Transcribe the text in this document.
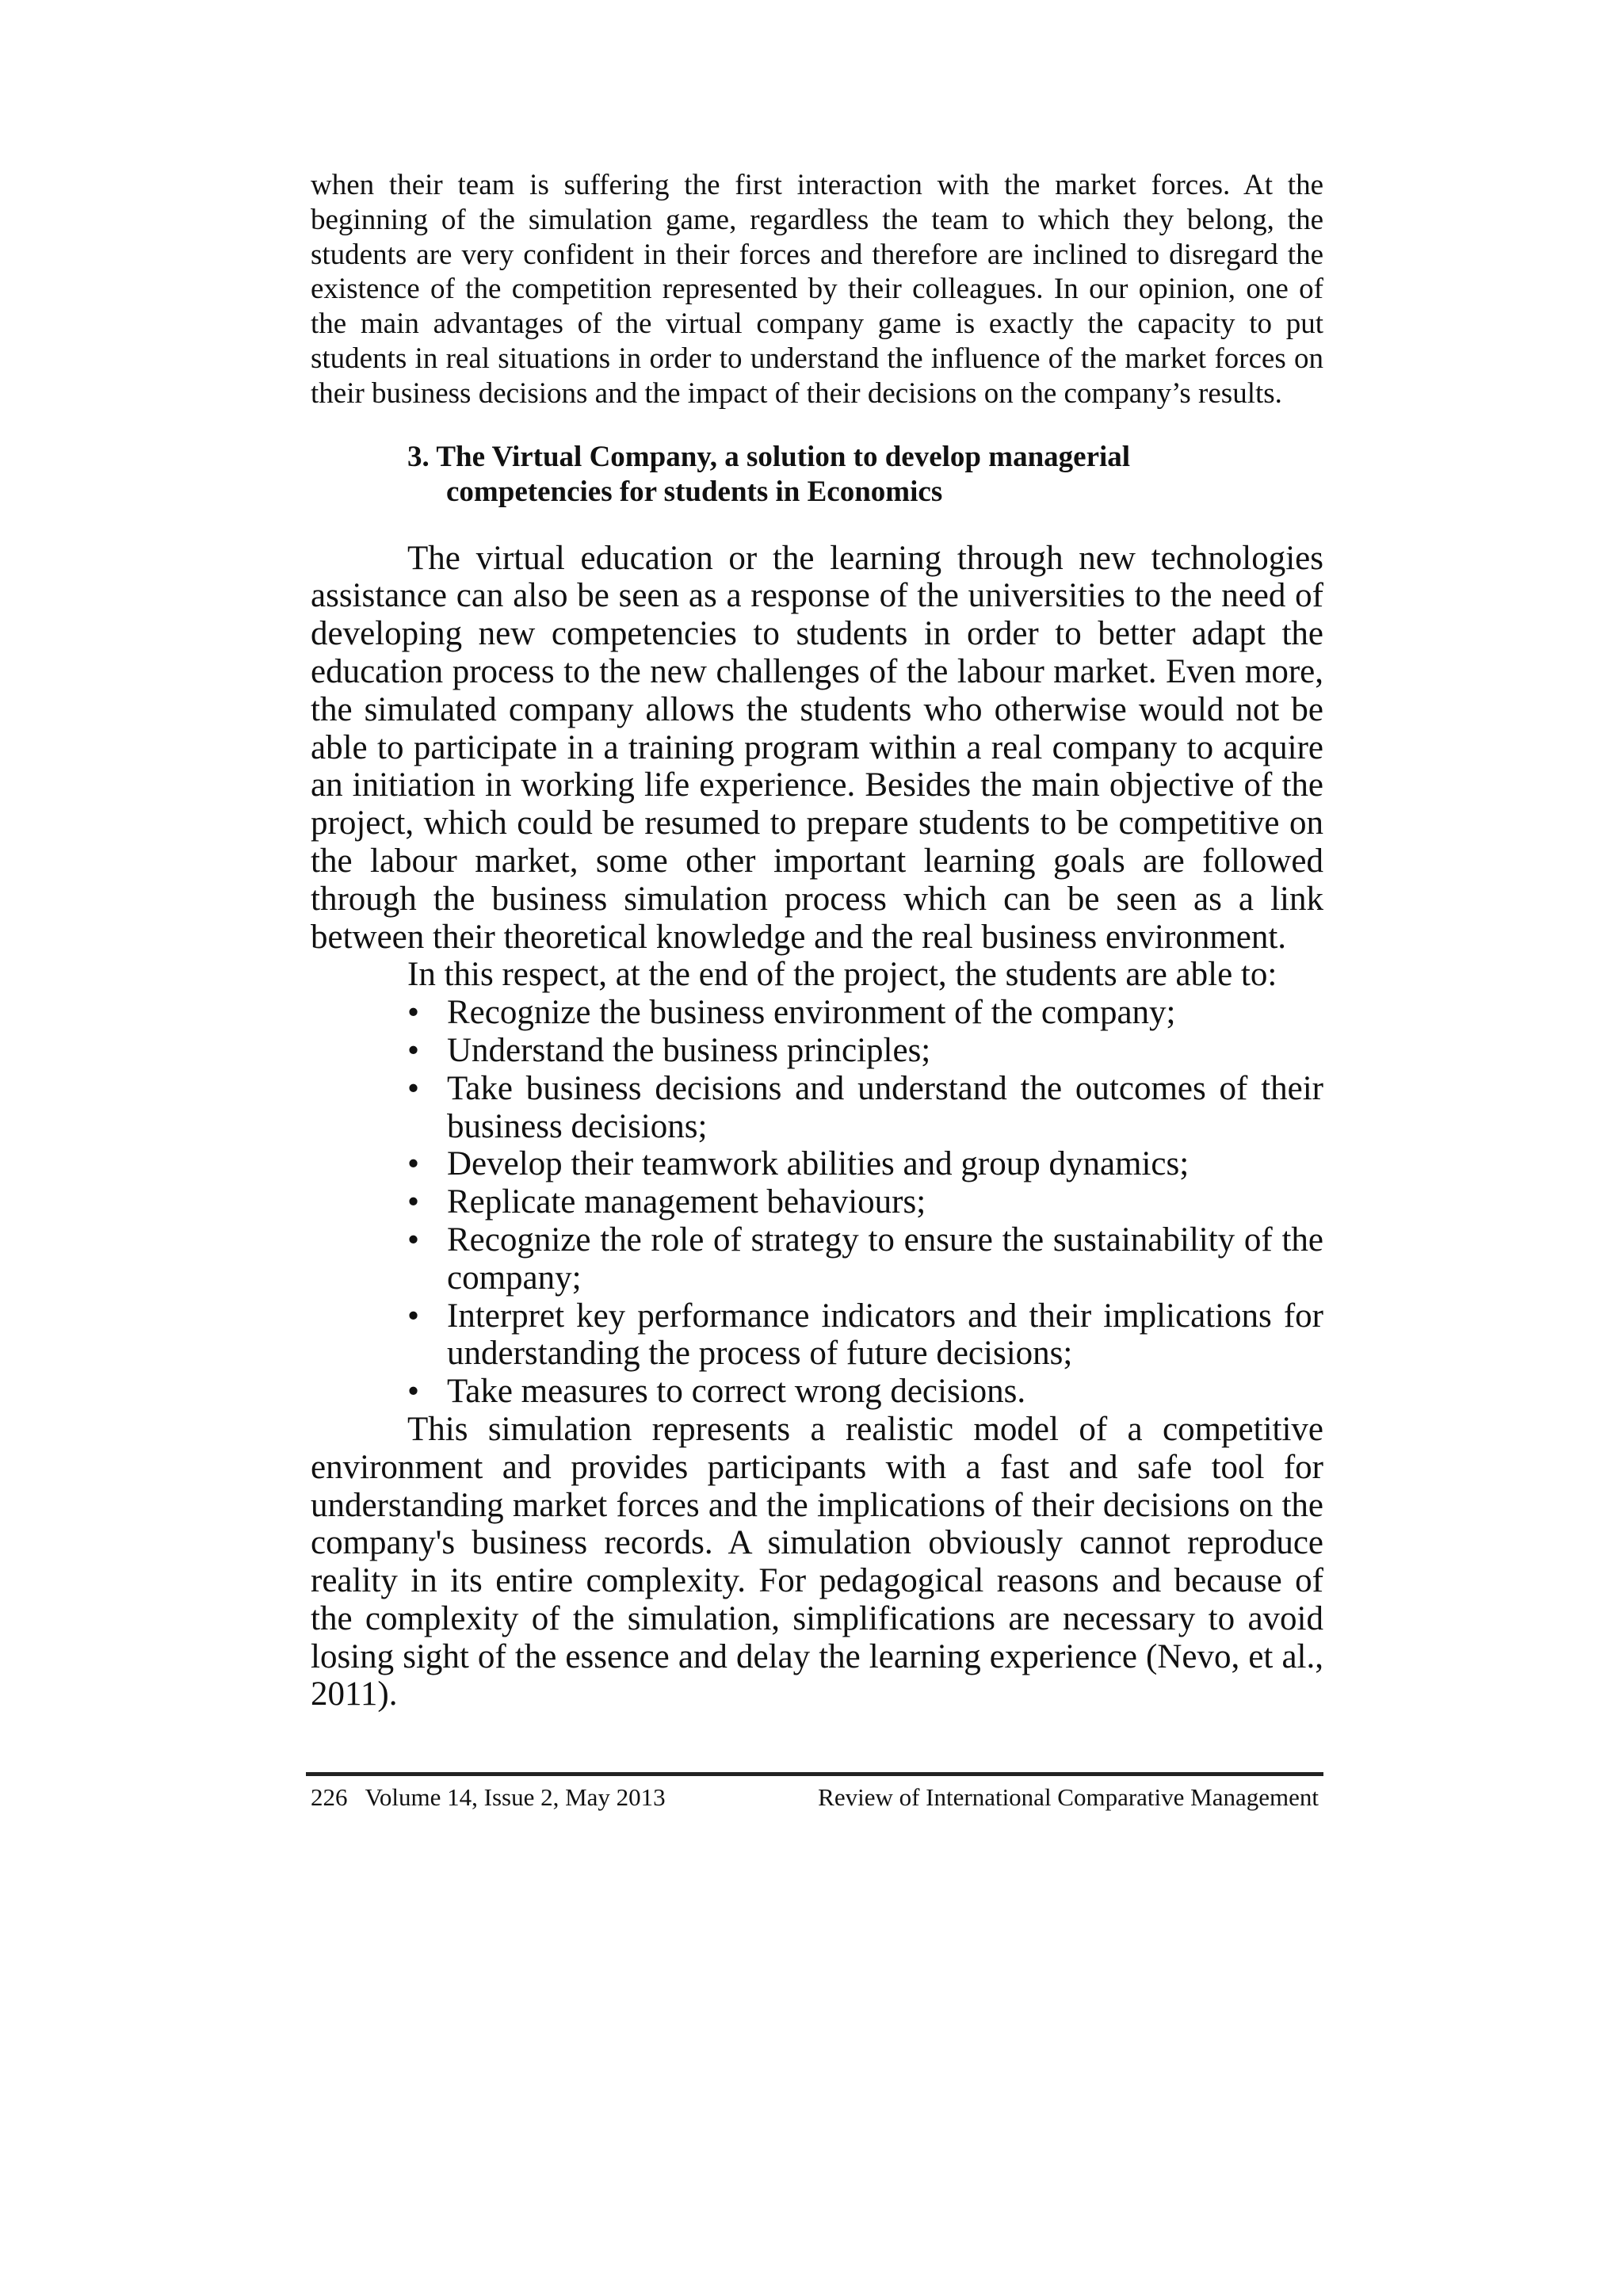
when their team is suffering the first interaction with the market forces. At the beginning of the simulation game, regardless the team to which they belong, the students are very confident in their forces and therefore are inclined to disregard the existence of the competition represented by their colleagues. In our opinion, one of the main advantages of the virtual company game is exactly the capacity to put students in real situations in order to understand the influence of the market forces on their business decisions and the impact of their decisions on the company’s results.

3. The Virtual Company, a solution to develop managerial
competencies for students in Economics

The virtual education or the learning through new technologies assistance can also be seen as a response of the universities to the need of developing new competencies to students in order to better adapt the education process to the new challenges of the labour market. Even more, the simulated company allows the students who otherwise would not be able to participate in a training program within a real company to acquire an initiation in working life experience. Besides the main objective of the project, which could be resumed to prepare students to be competitive on the labour market, some other important learning goals are followed through the business simulation process which can be seen as a link between their theoretical knowledge and the real business environment.

In this respect, at the end of the project, the students are able to:

• Recognize the business environment of the company;
• Understand the business principles;
• Take business decisions and understand the outcomes of their business decisions;
• Develop their teamwork abilities and group dynamics;
• Replicate management behaviours;
• Recognize the role of strategy to ensure the sustainability of the company;
• Interpret key performance indicators and their implications for understanding the process of future decisions;
• Take measures to correct wrong decisions.

This simulation represents a realistic model of a competitive environment and provides participants with a fast and safe tool for understanding market forces and the implications of their decisions on the company's business records. A simulation obviously cannot reproduce reality in its entire complexity. For pedagogical reasons and because of the complexity of the simulation, simplifications are necessary to avoid losing sight of the essence and delay the learning experience (Nevo, et al., 2011).

226 Volume 14, Issue 2, May 2013	Review of International Comparative Management
